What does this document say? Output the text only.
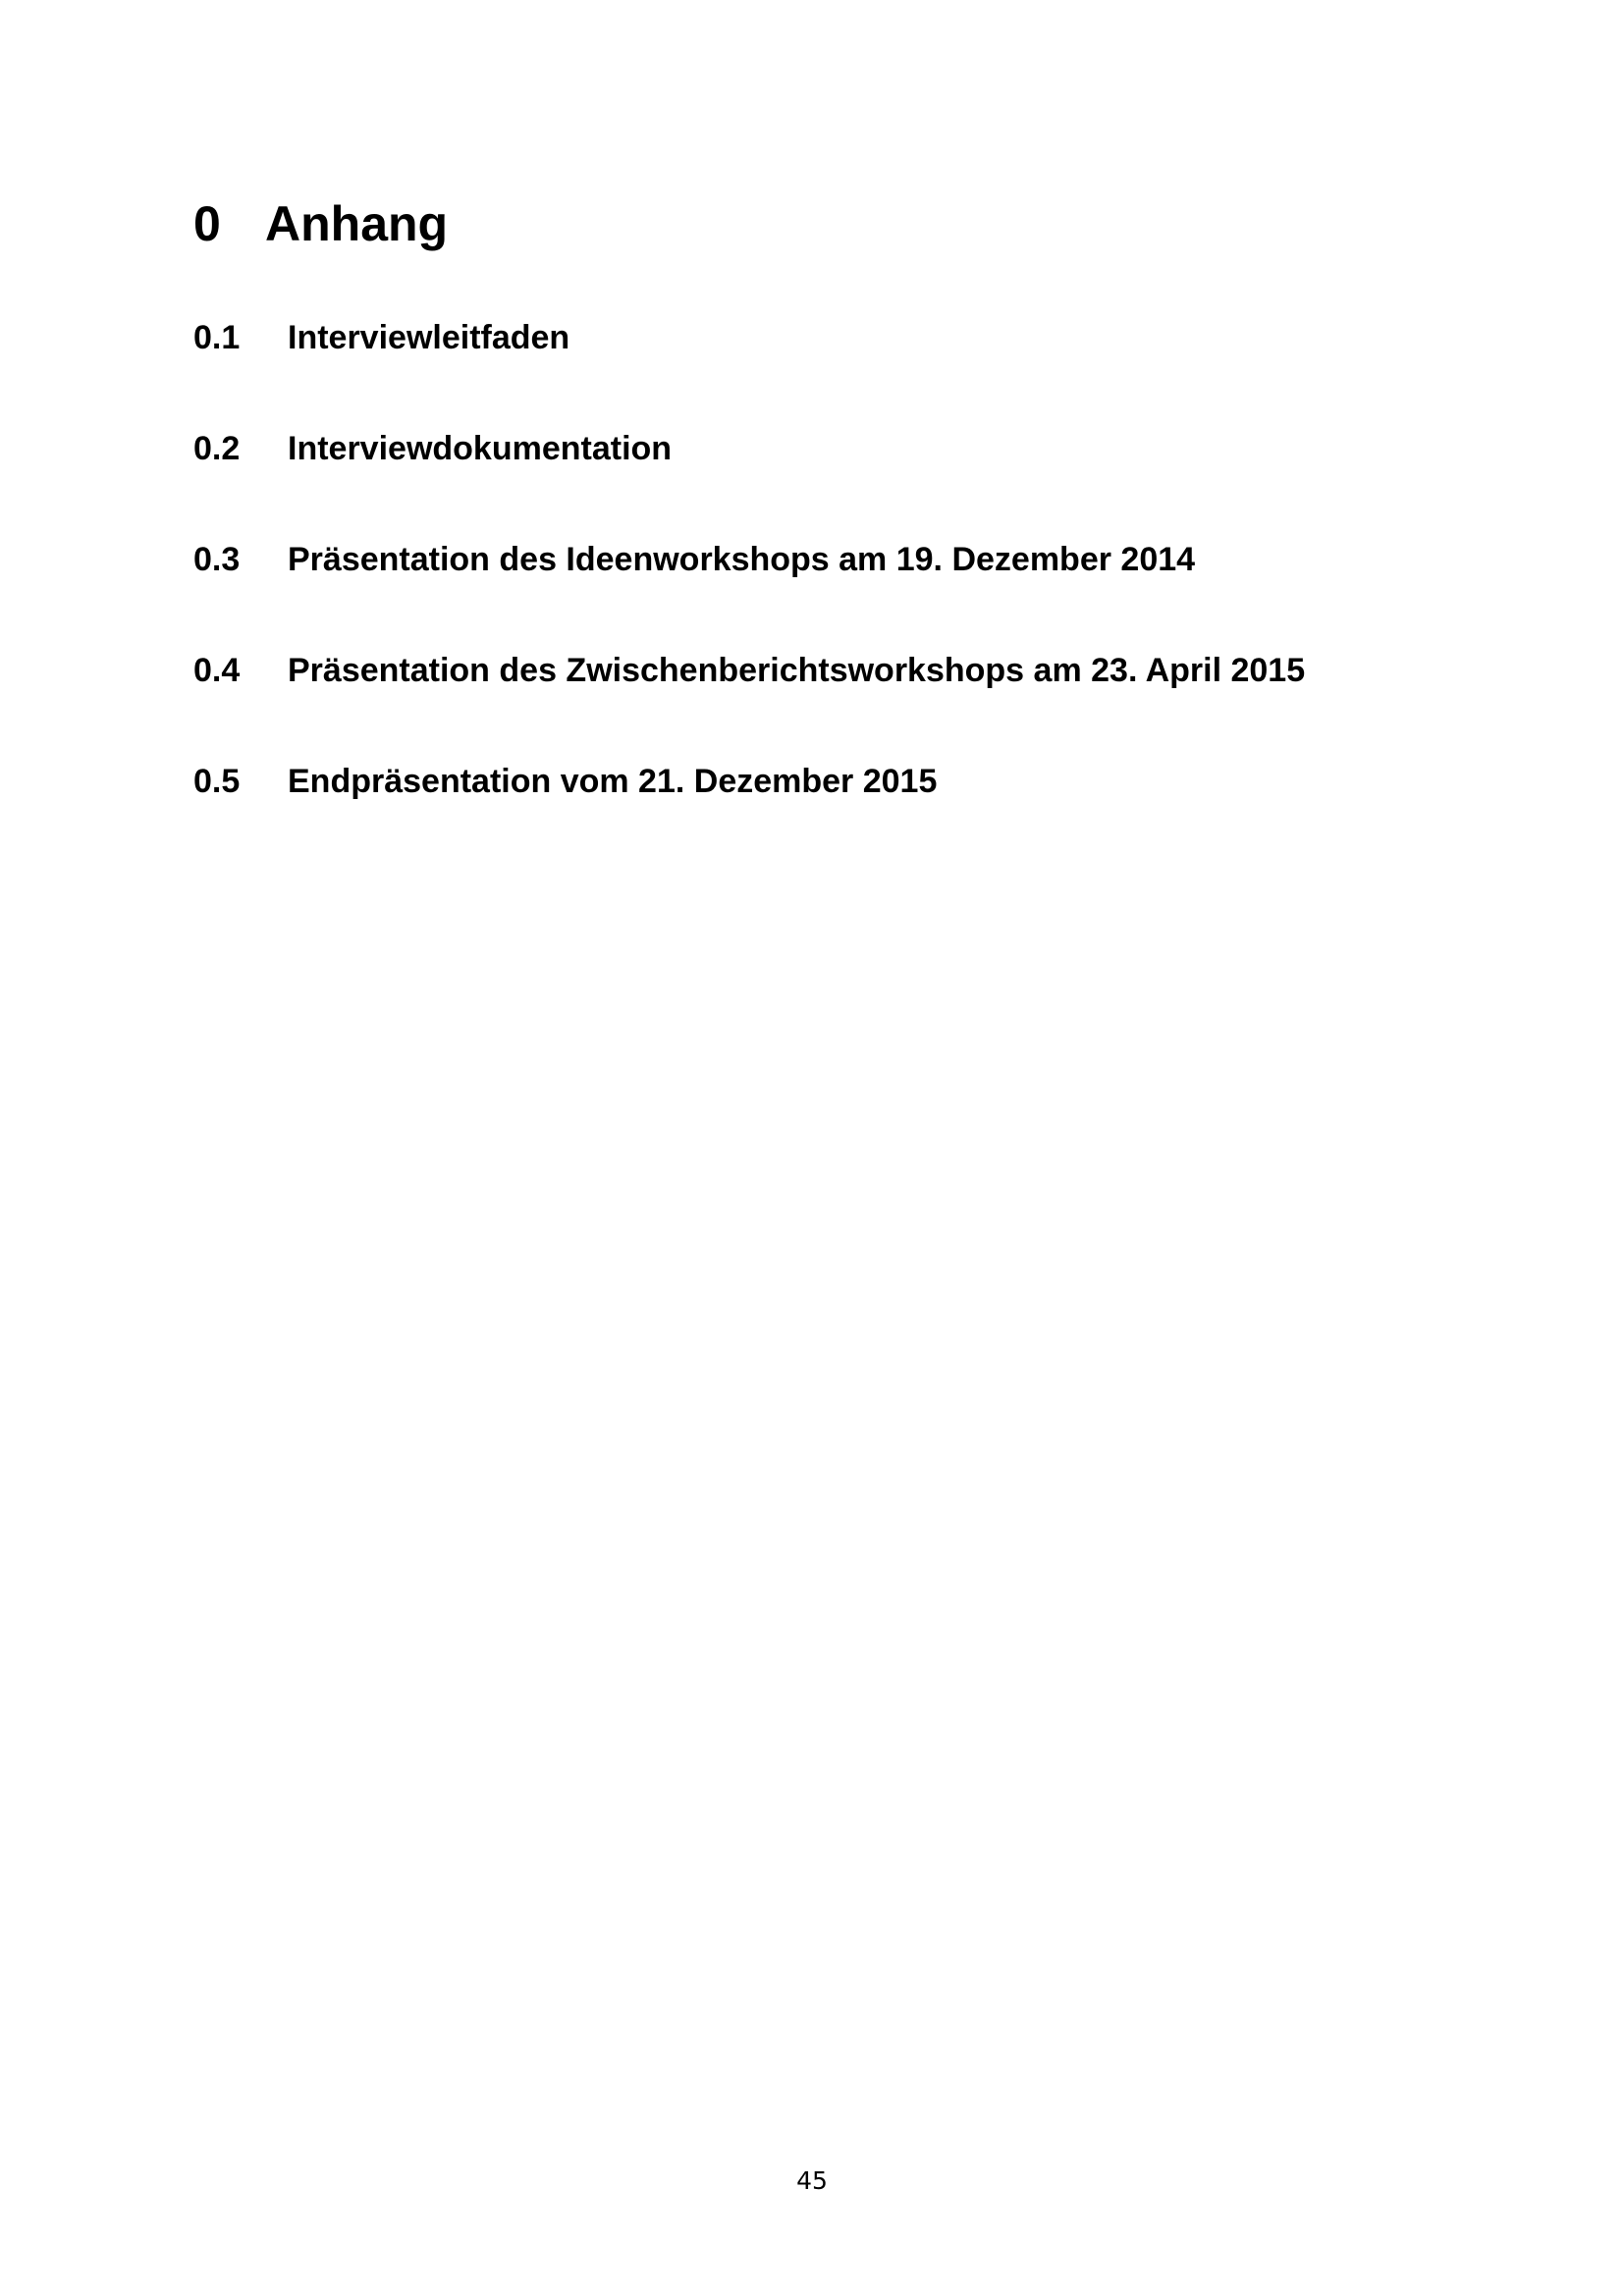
0 Anhang
0.1 Interviewleitfaden
0.2 Interviewdokumentation
0.3 Präsentation des Ideenworkshops am 19. Dezember 2014
0.4 Präsentation des Zwischenberichtsworkshops am 23. April 2015
0.5 Endpräsentation vom 21. Dezember 2015
45
